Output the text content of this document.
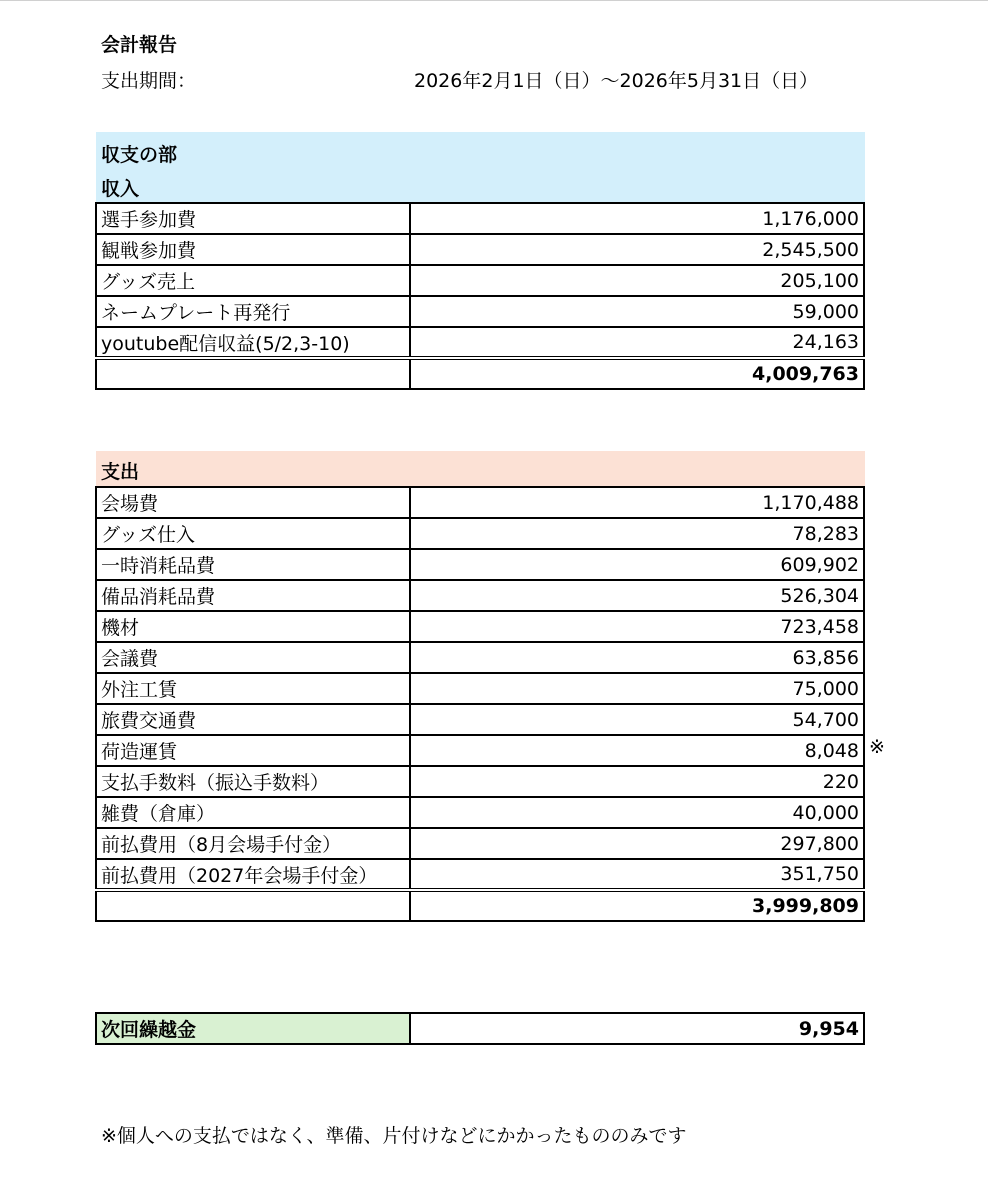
会計報告
支出期間：	2026年2月1日（日）～2026年5月31日（日）
収支の部
収入
選手参加費	1,176,000
観戦参加費	2,545,500
グッズ売上	205,100
ネームプレート再発行	59,000
youtube配信収益(5/2,3-10)	24,163
	4,009,763
支出
会場費	1,170,488
グッズ仕入	78,283
一時消耗品費	609,902
備品消耗品費	526,304
機材	723,458
会議費	63,856
外注工賃	75,000
旅費交通費	54,700
荷造運賃	8,048
支払手数料（振込手数料）	220
雑費（倉庫）	40,000
前払費用（8月会場手付金）	297,800
前払費用（2027年会場手付金）	351,750
	3,999,809
※
次回繰越金	9,954
※個人への支払ではなく、準備、片付けなどにかかったもののみです
